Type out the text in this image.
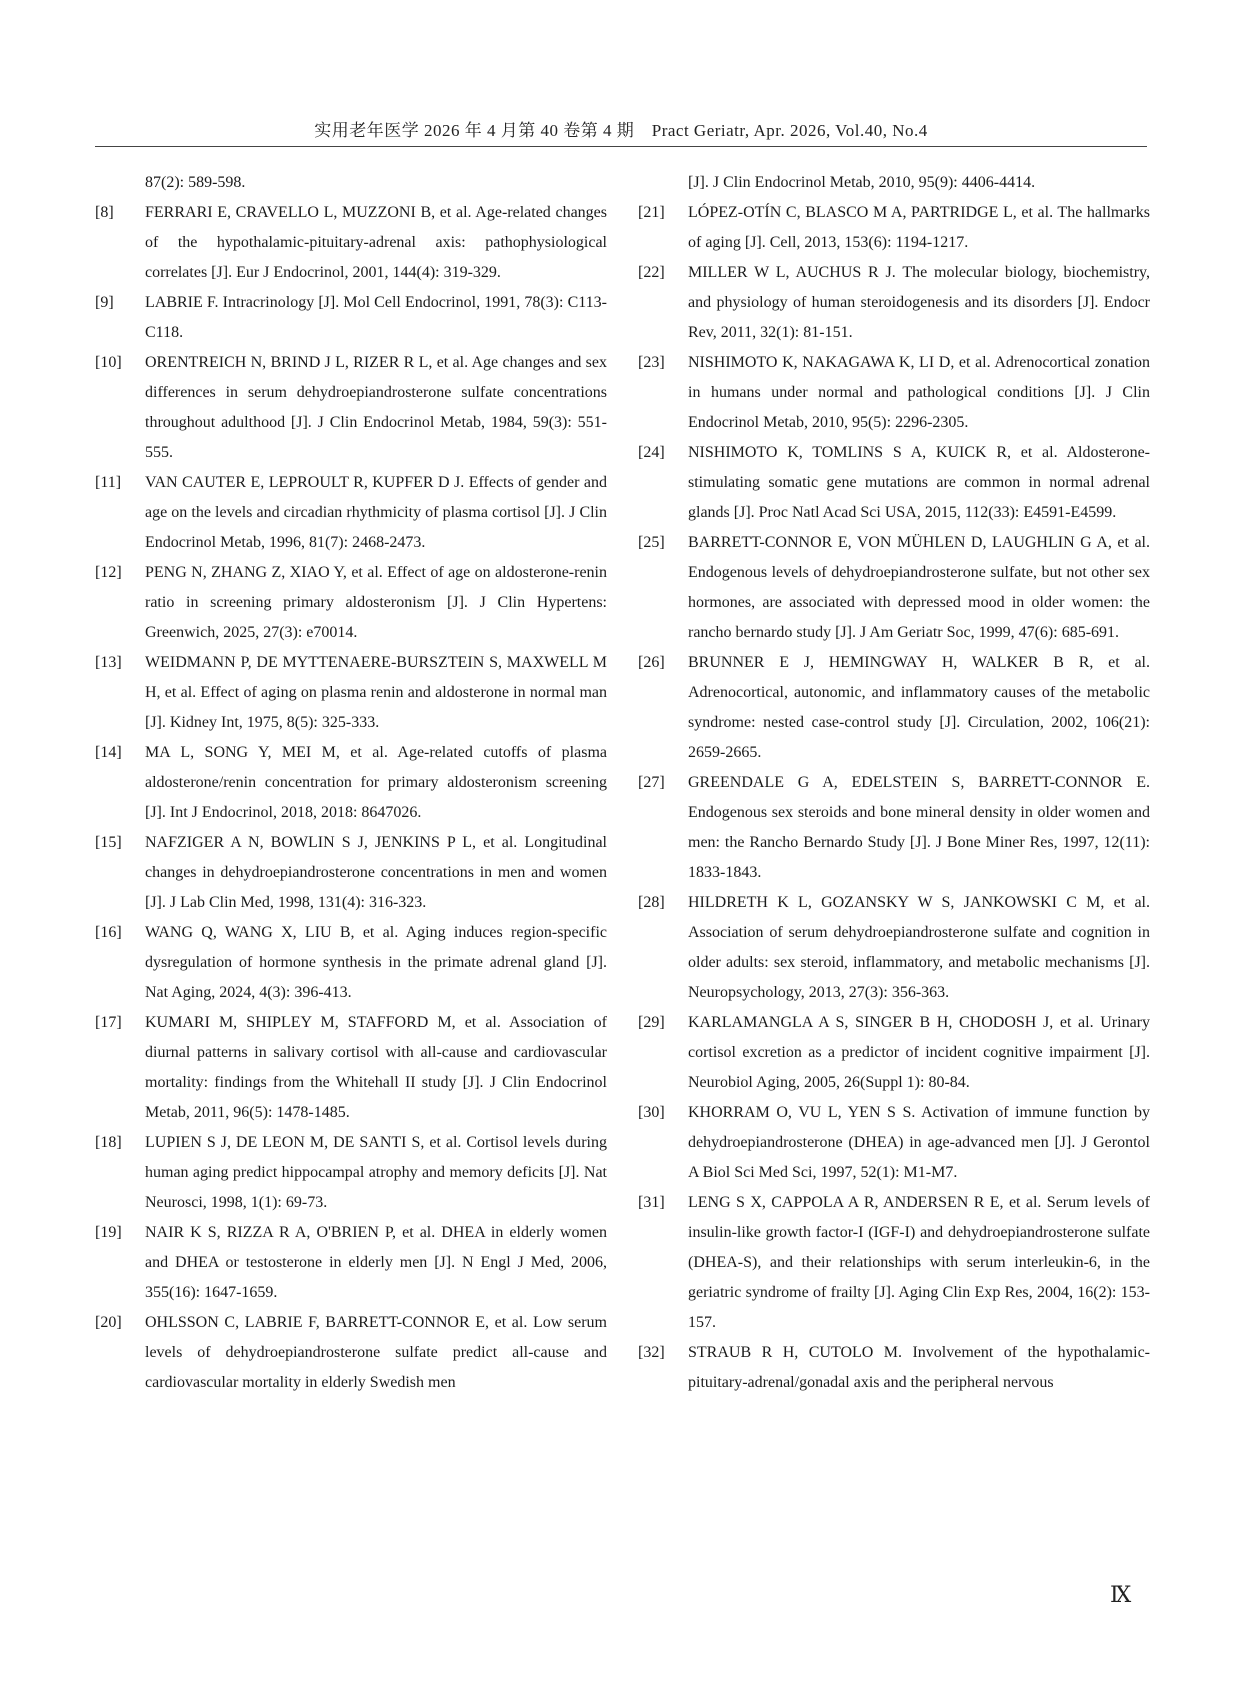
实用老年医学 2026 年 4 月第 40 卷第 4 期　Pract Geriatr, Apr. 2026, Vol.40, No.4
87(2): 589-598.
[8]	FERRARI E, CRAVELLO L, MUZZONI B, et al. Age-related changes of the hypothalamic-pituitary-adrenal axis: pathophysiological correlates [J]. Eur J Endocrinol, 2001, 144(4): 319-329.
[9]	LABRIE F. Intracrinology [J]. Mol Cell Endocrinol, 1991, 78(3): C113-C118.
[10]	ORENTREICH N, BRIND J L, RIZER R L, et al. Age changes and sex differences in serum dehydroepiandrosterone sulfate concentrations throughout adulthood [J]. J Clin Endocrinol Metab, 1984, 59(3): 551-555.
[11]	VAN CAUTER E, LEPROULT R, KUPFER D J. Effects of gender and age on the levels and circadian rhythmicity of plasma cortisol [J]. J Clin Endocrinol Metab, 1996, 81(7): 2468-2473.
[12]	PENG N, ZHANG Z, XIAO Y, et al. Effect of age on aldosterone-renin ratio in screening primary aldosteronism [J]. J Clin Hypertens: Greenwich, 2025, 27(3): e70014.
[13]	WEIDMANN P, DE MYTTENAERE-BURSZTEIN S, MAXWELL M H, et al. Effect of aging on plasma renin and aldosterone in normal man [J]. Kidney Int, 1975, 8(5): 325-333.
[14]	MA L, SONG Y, MEI M, et al. Age-related cutoffs of plasma aldosterone/renin concentration for primary aldosteronism screening [J]. Int J Endocrinol, 2018, 2018: 8647026.
[15]	NAFZIGER A N, BOWLIN S J, JENKINS P L, et al. Longitudinal changes in dehydroepiandrosterone concentrations in men and women [J]. J Lab Clin Med, 1998, 131(4): 316-323.
[16]	WANG Q, WANG X, LIU B, et al. Aging induces region-specific dysregulation of hormone synthesis in the primate adrenal gland [J]. Nat Aging, 2024, 4(3): 396-413.
[17]	KUMARI M, SHIPLEY M, STAFFORD M, et al. Association of diurnal patterns in salivary cortisol with all-cause and cardiovascular mortality: findings from the Whitehall II study [J]. J Clin Endocrinol Metab, 2011, 96(5): 1478-1485.
[18]	LUPIEN S J, DE LEON M, DE SANTI S, et al. Cortisol levels during human aging predict hippocampal atrophy and memory deficits [J]. Nat Neurosci, 1998, 1(1): 69-73.
[19]	NAIR K S, RIZZA R A, O'BRIEN P, et al. DHEA in elderly women and DHEA or testosterone in elderly men [J]. N Engl J Med, 2006, 355(16): 1647-1659.
[20]	OHLSSON C, LABRIE F, BARRETT-CONNOR E, et al. Low serum levels of dehydroepiandrosterone sulfate predict all-cause and cardiovascular mortality in elderly Swedish men
[J]. J Clin Endocrinol Metab, 2010, 95(9): 4406-4414.
[21]	LÓPEZ-OTÍN C, BLASCO M A, PARTRIDGE L, et al. The hallmarks of aging [J]. Cell, 2013, 153(6): 1194-1217.
[22]	MILLER W L, AUCHUS R J. The molecular biology, biochemistry, and physiology of human steroidogenesis and its disorders [J]. Endocr Rev, 2011, 32(1): 81-151.
[23]	NISHIMOTO K, NAKAGAWA K, LI D, et al. Adrenocortical zonation in humans under normal and pathological conditions [J]. J Clin Endocrinol Metab, 2010, 95(5): 2296-2305.
[24]	NISHIMOTO K, TOMLINS S A, KUICK R, et al. Aldosterone-stimulating somatic gene mutations are common in normal adrenal glands [J]. Proc Natl Acad Sci USA, 2015, 112(33): E4591-E4599.
[25]	BARRETT-CONNOR E, VON MÜHLEN D, LAUGHLIN G A, et al. Endogenous levels of dehydroepiandrosterone sulfate, but not other sex hormones, are associated with depressed mood in older women: the rancho bernardo study [J]. J Am Geriatr Soc, 1999, 47(6): 685-691.
[26]	BRUNNER E J, HEMINGWAY H, WALKER B R, et al. Adrenocortical, autonomic, and inflammatory causes of the metabolic syndrome: nested case-control study [J]. Circulation, 2002, 106(21): 2659-2665.
[27]	GREENDALE G A, EDELSTEIN S, BARRETT-CONNOR E. Endogenous sex steroids and bone mineral density in older women and men: the Rancho Bernardo Study [J]. J Bone Miner Res, 1997, 12(11): 1833-1843.
[28]	HILDRETH K L, GOZANSKY W S, JANKOWSKI C M, et al. Association of serum dehydroepiandrosterone sulfate and cognition in older adults: sex steroid, inflammatory, and metabolic mechanisms [J]. Neuropsychology, 2013, 27(3): 356-363.
[29]	KARLAMANGLA A S, SINGER B H, CHODOSH J, et al. Urinary cortisol excretion as a predictor of incident cognitive impairment [J]. Neurobiol Aging, 2005, 26(Suppl 1): 80-84.
[30]	KHORRAM O, VU L, YEN S S. Activation of immune function by dehydroepiandrosterone (DHEA) in age-advanced men [J]. J Gerontol A Biol Sci Med Sci, 1997, 52(1): M1-M7.
[31]	LENG S X, CAPPOLA A R, ANDERSEN R E, et al. Serum levels of insulin-like growth factor-I (IGF-I) and dehydroepiandrosterone sulfate (DHEA-S), and their relationships with serum interleukin-6, in the geriatric syndrome of frailty [J]. Aging Clin Exp Res, 2004, 16(2): 153-157.
[32]	STRAUB R H, CUTOLO M. Involvement of the hypothalamic-pituitary-adrenal/gonadal axis and the peripheral nervous
Ⅸ
